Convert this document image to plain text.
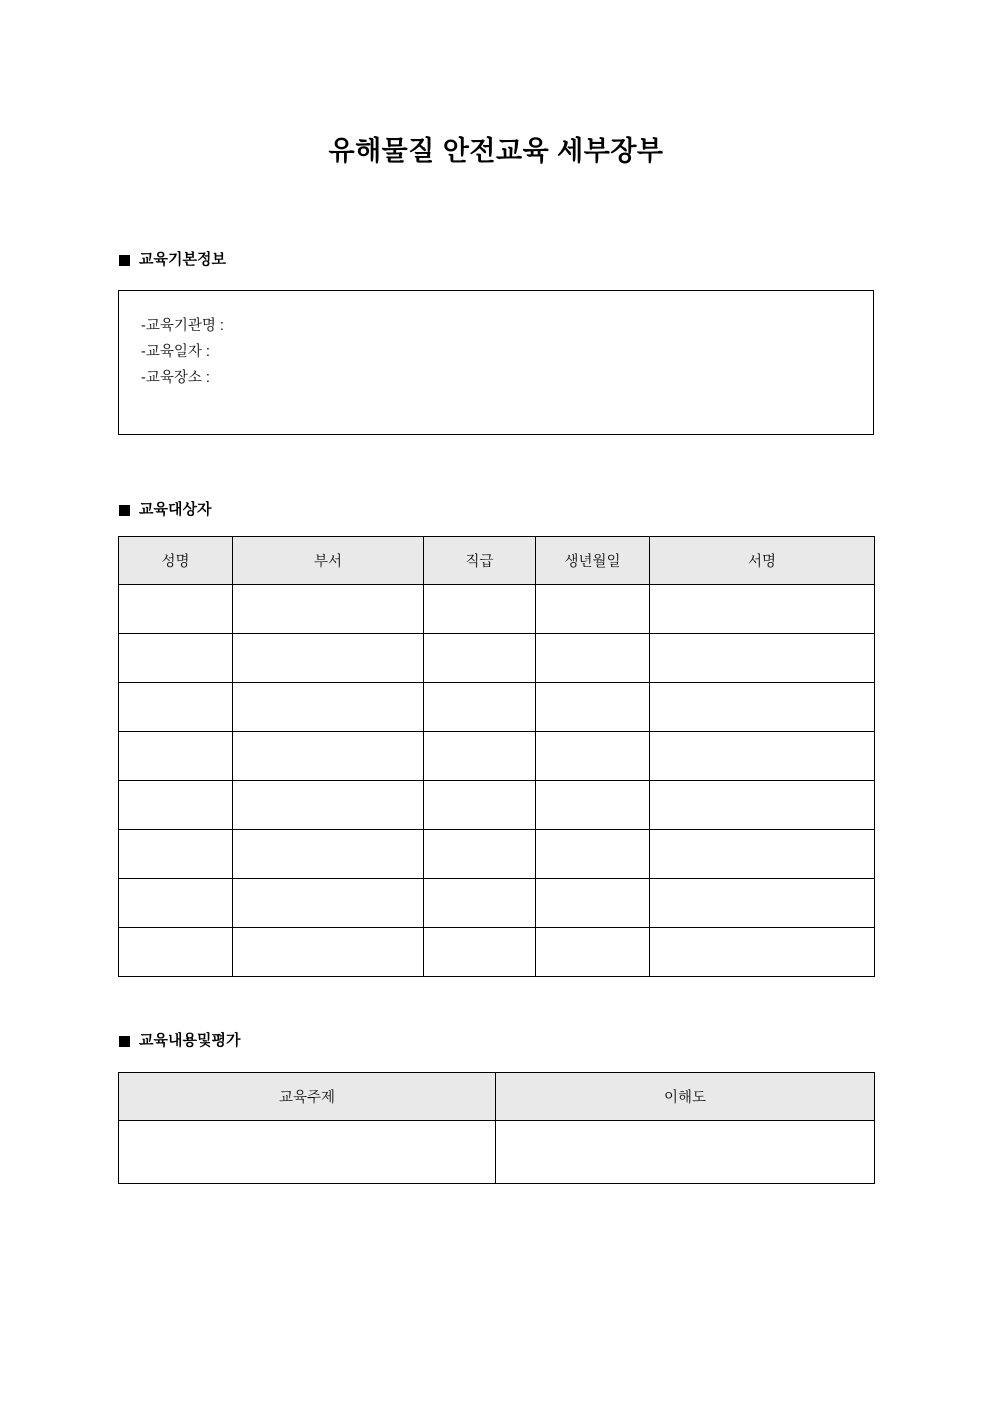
유해물질 안전교육 세부장부
교육기본정보
-교육기관명 :
-교육일자 :
-교육장소 :
교육대상자
성명	부서	직급	생년월일	서명

교육내용및평가
교육주제	이해도
